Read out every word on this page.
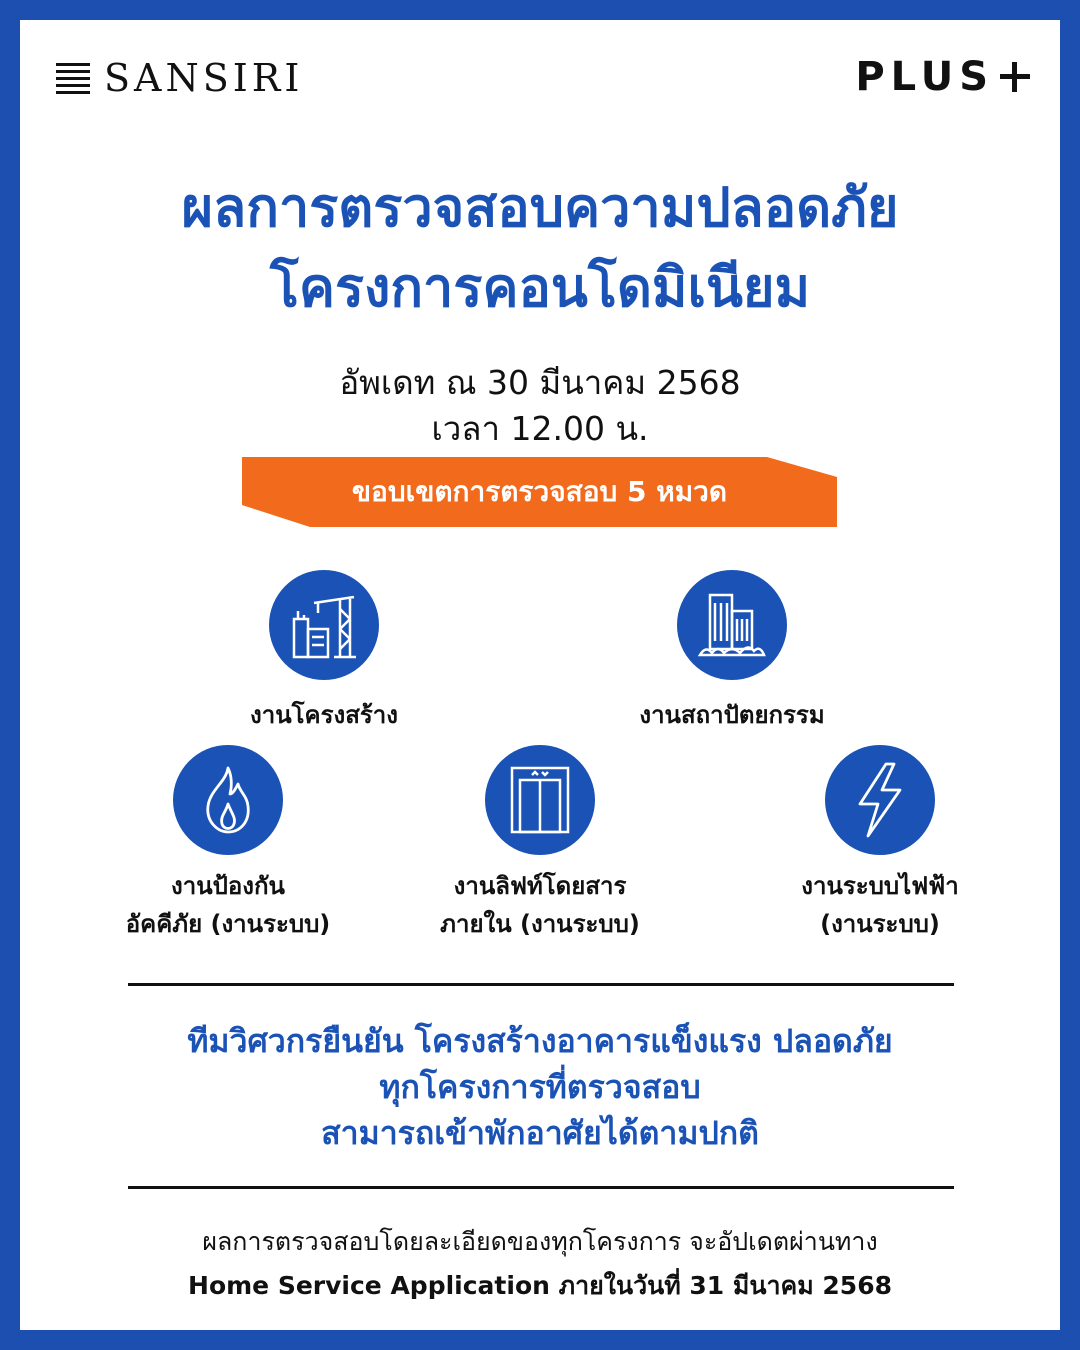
SANSIRI	PLUS
ผลการตรวจสอบความปลอดภัย
โครงการคอนโดมิเนียม
อัพเดท ณ 30 มีนาคม 2568
เวลา 12.00 น.
ขอบเขตการตรวจสอบ 5 หมวด
งานโครงสร้าง	งานสถาปัตยกรรม
งานป้องกัน
อัคคีภัย (งานระบบ)
งานลิฟท์โดยสาร
ภายใน (งานระบบ)
งานระบบไฟฟ้า
(งานระบบ)
ทีมวิศวกรยืนยัน โครงสร้างอาคารแข็งแรง ปลอดภัย
ทุกโครงการที่ตรวจสอบ
สามารถเข้าพักอาศัยได้ตามปกติ
ผลการตรวจสอบโดยละเอียดของทุกโครงการ จะอัปเดตผ่านทาง
Home Service Application ภายในวันที่ 31 มีนาคม 2568
